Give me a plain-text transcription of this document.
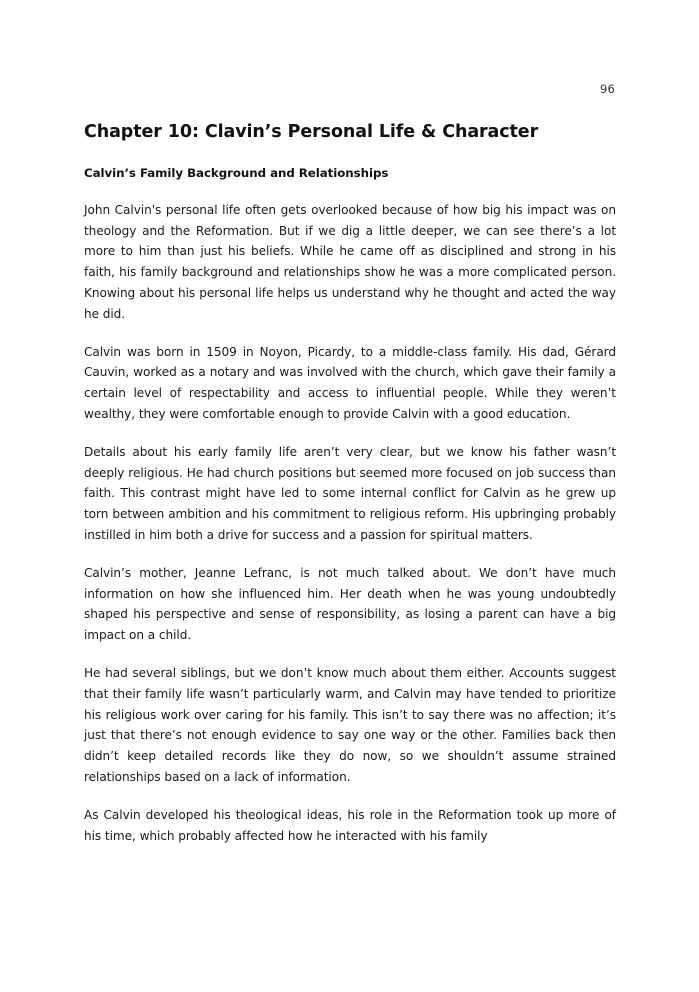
96
Chapter 10: Clavin’s Personal Life & Character
Calvin’s Family Background and Relationships

John Calvin's personal life often gets overlooked because of how big his impact was on theology and the Reformation. But if we dig a little deeper, we can see there’s a lot more to him than just his beliefs. While he came off as disciplined and strong in his faith, his family background and relationships show he was a more complicated person. Knowing about his personal life helps us understand why he thought and acted the way he did.

Calvin was born in 1509 in Noyon, Picardy, to a middle-class family. His dad, Gérard Cauvin, worked as a notary and was involved with the church, which gave their family a certain level of respectability and access to influential people. While they weren’t wealthy, they were comfortable enough to provide Calvin with a good education.

Details about his early family life aren’t very clear, but we know his father wasn’t deeply religious. He had church positions but seemed more focused on job success than faith. This contrast might have led to some internal conflict for Calvin as he grew up torn between ambition and his commitment to religious reform. His upbringing probably instilled in him both a drive for success and a passion for spiritual matters.

Calvin’s mother, Jeanne Lefranc, is not much talked about. We don’t have much information on how she influenced him. Her death when he was young undoubtedly shaped his perspective and sense of responsibility, as losing a parent can have a big impact on a child.

He had several siblings, but we don’t know much about them either. Accounts suggest that their family life wasn’t particularly warm, and Calvin may have tended to prioritize his religious work over caring for his family. This isn’t to say there was no affection; it’s just that there’s not enough evidence to say one way or the other. Families back then didn’t keep detailed records like they do now, so we shouldn’t assume strained relationships based on a lack of information.

As Calvin developed his theological ideas, his role in the Reformation took up more of his time, which probably affected how he interacted with his family
